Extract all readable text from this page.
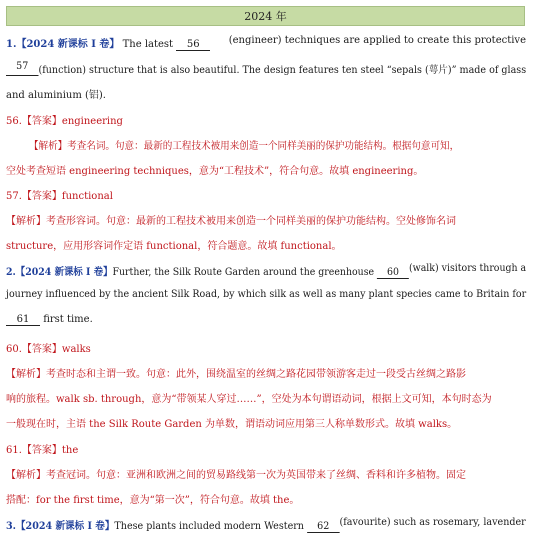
2024 年
1.【2024 新课标 I 卷】 The latest 56	(engineer) techniques are applied to create this protective
57	(function) structure that is also beautiful. The design features ten steel “sepals (萼片)” made of glass
and aluminium (铝).
56.【答案】engineering
【解析】考查名词。句意：最新的工程技术被用来创造一个同样美丽的保护功能结构。根据句意可知，
空处考查短语 engineering techniques，意为“工程技术”，符合句意。故填 engineering。
57.【答案】functional
【解析】考查形容词。句意：最新的工程技术被用来创造一个同样美丽的保护功能结构。空处修饰名词
structure，应用形容词作定语 functional，符合题意。故填 functional。
2.【2024 新课标 I 卷】Further, the Silk Route Garden around the greenhouse 60 (walk) visitors through a
journey influenced by the ancient Silk Road, by which silk as well as many plant species came to Britain for
61 first time.
60.【答案】walks
【解析】考查时态和主谓一致。句意：此外，围绕温室的丝绸之路花园带领游客走过一段受古丝绸之路影
响的旅程。walk sb. through，意为“带领某人穿过……”，空处为本句谓语动词，根据上文可知，本句时态为
一般现在时，主语 the Silk Route Garden 为单数，谓语动词应用第三人称单数形式。故填 walks。
61.【答案】the
【解析】考查冠词。句意：亚洲和欧洲之间的贸易路线第一次为英国带来了丝绸、香料和许多植物。固定
搭配：for the first time，意为“第一次”，符合句意。故填 the。
3.【2024 新课标 I 卷】These plants included modern Western 62	(favourite) such as rosemary, lavender
